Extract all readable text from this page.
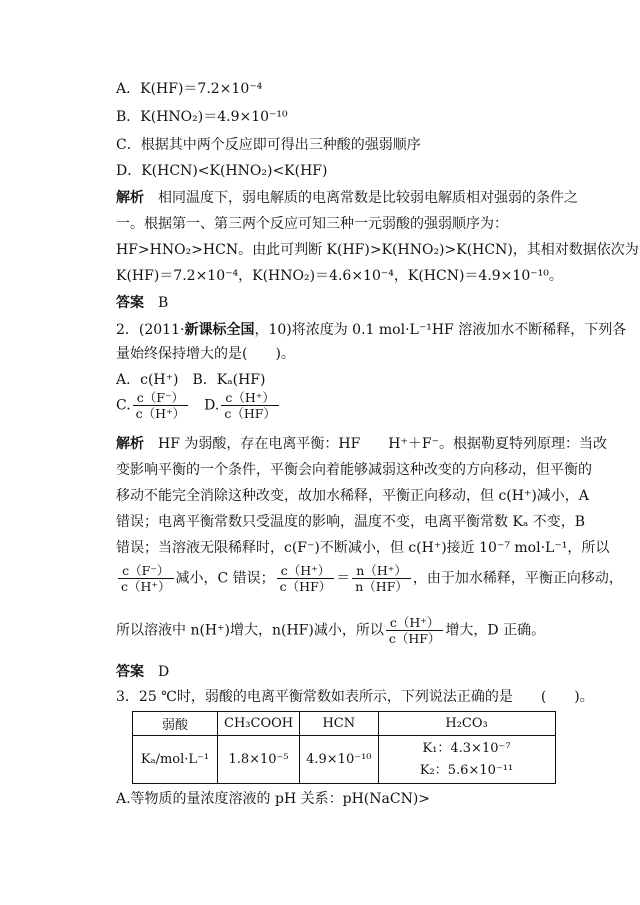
A．K(HF)＝7.2×10⁻⁴
B．K(HNO₂)＝4.9×10⁻¹⁰
C．根据其中两个反应即可得出三种酸的强弱顺序
D．K(HCN)<K(HNO₂)<K(HF)
解析　 相同温度下，弱电解质的电离常数是比较弱电解质相对强弱的条件之
一。根据第一、第三两个反应可知三种一元弱酸的强弱顺序为：
HF>HNO₂>HCN。由此可判断 K(HF)>K(HNO₂)>K(HCN)，其相对数据依次为
K(HF)＝7.2×10⁻⁴，K(HNO₂)＝4.6×10⁻⁴，K(HCN)＝4.9×10⁻¹⁰。
答案　 B
2．(2011·新课标全国，10)将浓度为 0.1 mol·L⁻¹HF 溶液加水不断稀释，下列各
量始终保持增大的是(　　)。
A．c(H⁺)　B．Kₐ(HF)
C. $\frac{c(F^-)}{c(H^+)}$
　 D. $\frac{c(H^+)}{c(HF)}$
解析　 HF 为弱酸，存在电离平衡：HF　　H⁺＋F⁻。根据勒夏特列原理：当改
变影响平衡的一个条件，平衡会向着能够减弱这种改变的方向移动，但平衡的
移动不能完全消除这种改变，故加水稀释，平衡正向移动，但 c(H⁺)减小，A
错误；电离平衡常数只受温度的影响，温度不变，电离平衡常数 Kₐ 不变，B
错误；当溶液无限稀释时，c(F⁻)不断减小，但 c(H⁺)接近 10⁻⁷ mol·L⁻¹，所以
$\frac{c(F^-)}{c(H^+)}$ 减小，C 错误； $\frac{c(H^+)}{c(HF)} = \frac{n(H^+)}{n(HF)}$ ，由于加水稀释，平衡正向移动，
所以溶液中 n(H⁺)增大，n(HF)减小，所以 $\frac{c(H^+)}{c(HF)}$ 增大，D 正确。
答案　 D
3．25 ℃时，弱酸的电离平衡常数如表所示，下列说法正确的是　　(　　)。
弱酸	CH₃COOH	HCN	H₂CO₃
Kₐ/mol·L⁻¹	1.8×10⁻⁵	4.9×10⁻¹⁰	K₁：4.3×10⁻⁷
K₂：5.6×10⁻¹¹
A.等物质的量浓度溶液的 pH 关系：pH(NaCN)>
